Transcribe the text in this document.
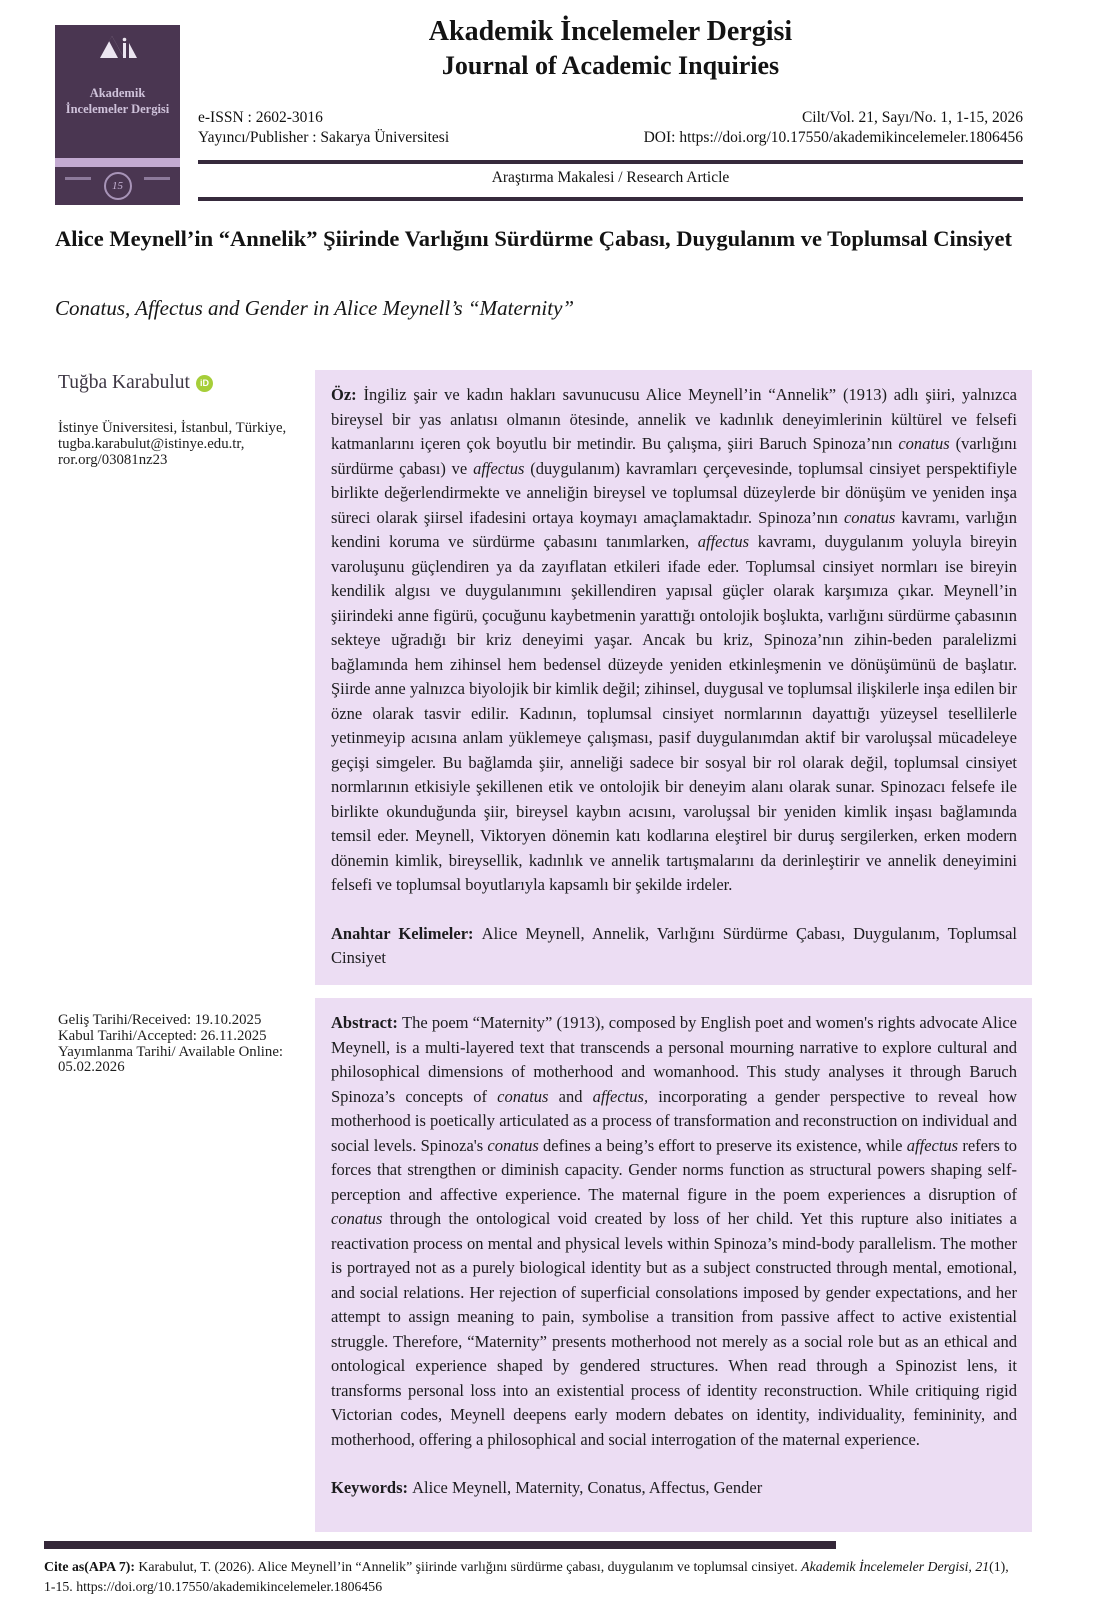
Akademik
İncelemeler Dergisi
15
Akademik İncelemeler Dergisi
Journal of Academic Inquiries
e-ISSN : 2602-3016
Yayıncı/Publisher : Sakarya Üniversitesi
Cilt/Vol. 21, Sayı/No. 1, 1-15, 2026
DOI: https://doi.org/10.17550/akademikincelemeler.1806456
Araştırma Makalesi / Research Article
Alice Meynell’in “Annelik” Şiirinde Varlığını Sürdürme Çabası, Duygulanım ve Toplumsal Cinsiyet
Conatus, Affectus and Gender in Alice Meynell’s “Maternity”
Tuğba Karabulut iD
İstinye Üniversitesi, İstanbul, Türkiye,
tugba.karabulut@istinye.edu.tr,
ror.org/03081nz23
Geliş Tarihi/Received: 19.10.2025
Kabul Tarihi/Accepted: 26.11.2025
Yayımlanma Tarihi/ Available Online: 05.02.2026

Öz: İngiliz şair ve kadın hakları savunucusu Alice Meynell’in “Annelik” (1913) adlı şiiri, yalnızca bireysel bir yas anlatısı olmanın ötesinde, annelik ve kadınlık deneyimlerinin kültürel ve felsefi katmanlarını içeren çok boyutlu bir metindir. Bu çalışma, şiiri Baruch Spinoza’nın conatus (varlığını sürdürme çabası) ve affectus (duygulanım) kavramları çerçevesinde, toplumsal cinsiyet perspektifiyle birlikte değerlendirmekte ve anneliğin bireysel ve toplumsal düzeylerde bir dönüşüm ve yeniden inşa süreci olarak şiirsel ifadesini ortaya koymayı amaçlamaktadır. Spinoza’nın conatus kavramı, varlığın kendini koruma ve sürdürme çabasını tanımlarken, affectus kavramı, duygulanım yoluyla bireyin varoluşunu güçlendiren ya da zayıflatan etkileri ifade eder. Toplumsal cinsiyet normları ise bireyin kendilik algısı ve duygulanımını şekillendiren yapısal güçler olarak karşımıza çıkar. Meynell’in şiirindeki anne figürü, çocuğunu kaybetmenin yarattığı ontolojik boşlukta, varlığını sürdürme çabasının sekteye uğradığı bir kriz deneyimi yaşar. Ancak bu kriz, Spinoza’nın zihin-beden paralelizmi bağlamında hem zihinsel hem bedensel düzeyde yeniden etkinleşmenin ve dönüşümünü de başlatır. Şiirde anne yalnızca biyolojik bir kimlik değil; zihinsel, duygusal ve toplumsal ilişkilerle inşa edilen bir özne olarak tasvir edilir. Kadının, toplumsal cinsiyet normlarının dayattığı yüzeysel tesellilerle yetinmeyip acısına anlam yüklemeye çalışması, pasif duygulanımdan aktif bir varoluşsal mücadeleye geçişi simgeler. Bu bağlamda şiir, anneliği sadece bir sosyal bir rol olarak değil, toplumsal cinsiyet normlarının etkisiyle şekillenen etik ve ontolojik bir deneyim alanı olarak sunar. Spinozacı felsefe ile birlikte okunduğunda şiir, bireysel kaybın acısını, varoluşsal bir yeniden kimlik inşası bağlamında temsil eder. Meynell, Viktoryen dönemin katı kodlarına eleştirel bir duruş sergilerken, erken modern dönemin kimlik, bireysellik, kadınlık ve annelik tartışmalarını da derinleştirir ve annelik deneyimini felsefi ve toplumsal boyutlarıyla kapsamlı bir şekilde irdeler.

Anahtar Kelimeler: Alice Meynell, Annelik, Varlığını Sürdürme Çabası, Duygulanım, Toplumsal Cinsiyet

Abstract: The poem “Maternity” (1913), composed by English poet and women's rights advocate Alice Meynell, is a multi-layered text that transcends a personal mourning narrative to explore cultural and philosophical dimensions of motherhood and womanhood. This study analyses it through Baruch Spinoza’s concepts of conatus and affectus, incorporating a gender perspective to reveal how motherhood is poetically articulated as a process of transformation and reconstruction on individual and social levels. Spinoza's conatus defines a being’s effort to preserve its existence, while affectus refers to forces that strengthen or diminish capacity. Gender norms function as structural powers shaping self-perception and affective experience. The maternal figure in the poem experiences a disruption of conatus through the ontological void created by loss of her child. Yet this rupture also initiates a reactivation process on mental and physical levels within Spinoza’s mind-body parallelism. The mother is portrayed not as a purely biological identity but as a subject constructed through mental, emotional, and social relations. Her rejection of superficial consolations imposed by gender expectations, and her attempt to assign meaning to pain, symbolise a transition from passive affect to active existential struggle. Therefore, “Maternity” presents motherhood not merely as a social role but as an ethical and ontological experience shaped by gendered structures. When read through a Spinozist lens, it transforms personal loss into an existential process of identity reconstruction. While critiquing rigid Victorian codes, Meynell deepens early modern debates on identity, individuality, femininity, and motherhood, offering a philosophical and social interrogation of the maternal experience.

Keywords: Alice Meynell, Maternity, Conatus, Affectus, Gender

Cite as(APA 7): Karabulut, T. (2026). Alice Meynell’in “Annelik” şiirinde varlığını sürdürme çabası, duygulanım ve toplumsal cinsiyet. Akademik İncelemeler Dergisi, 21(1), 1-15. https://doi.org/10.17550/akademikincelemeler.1806456
